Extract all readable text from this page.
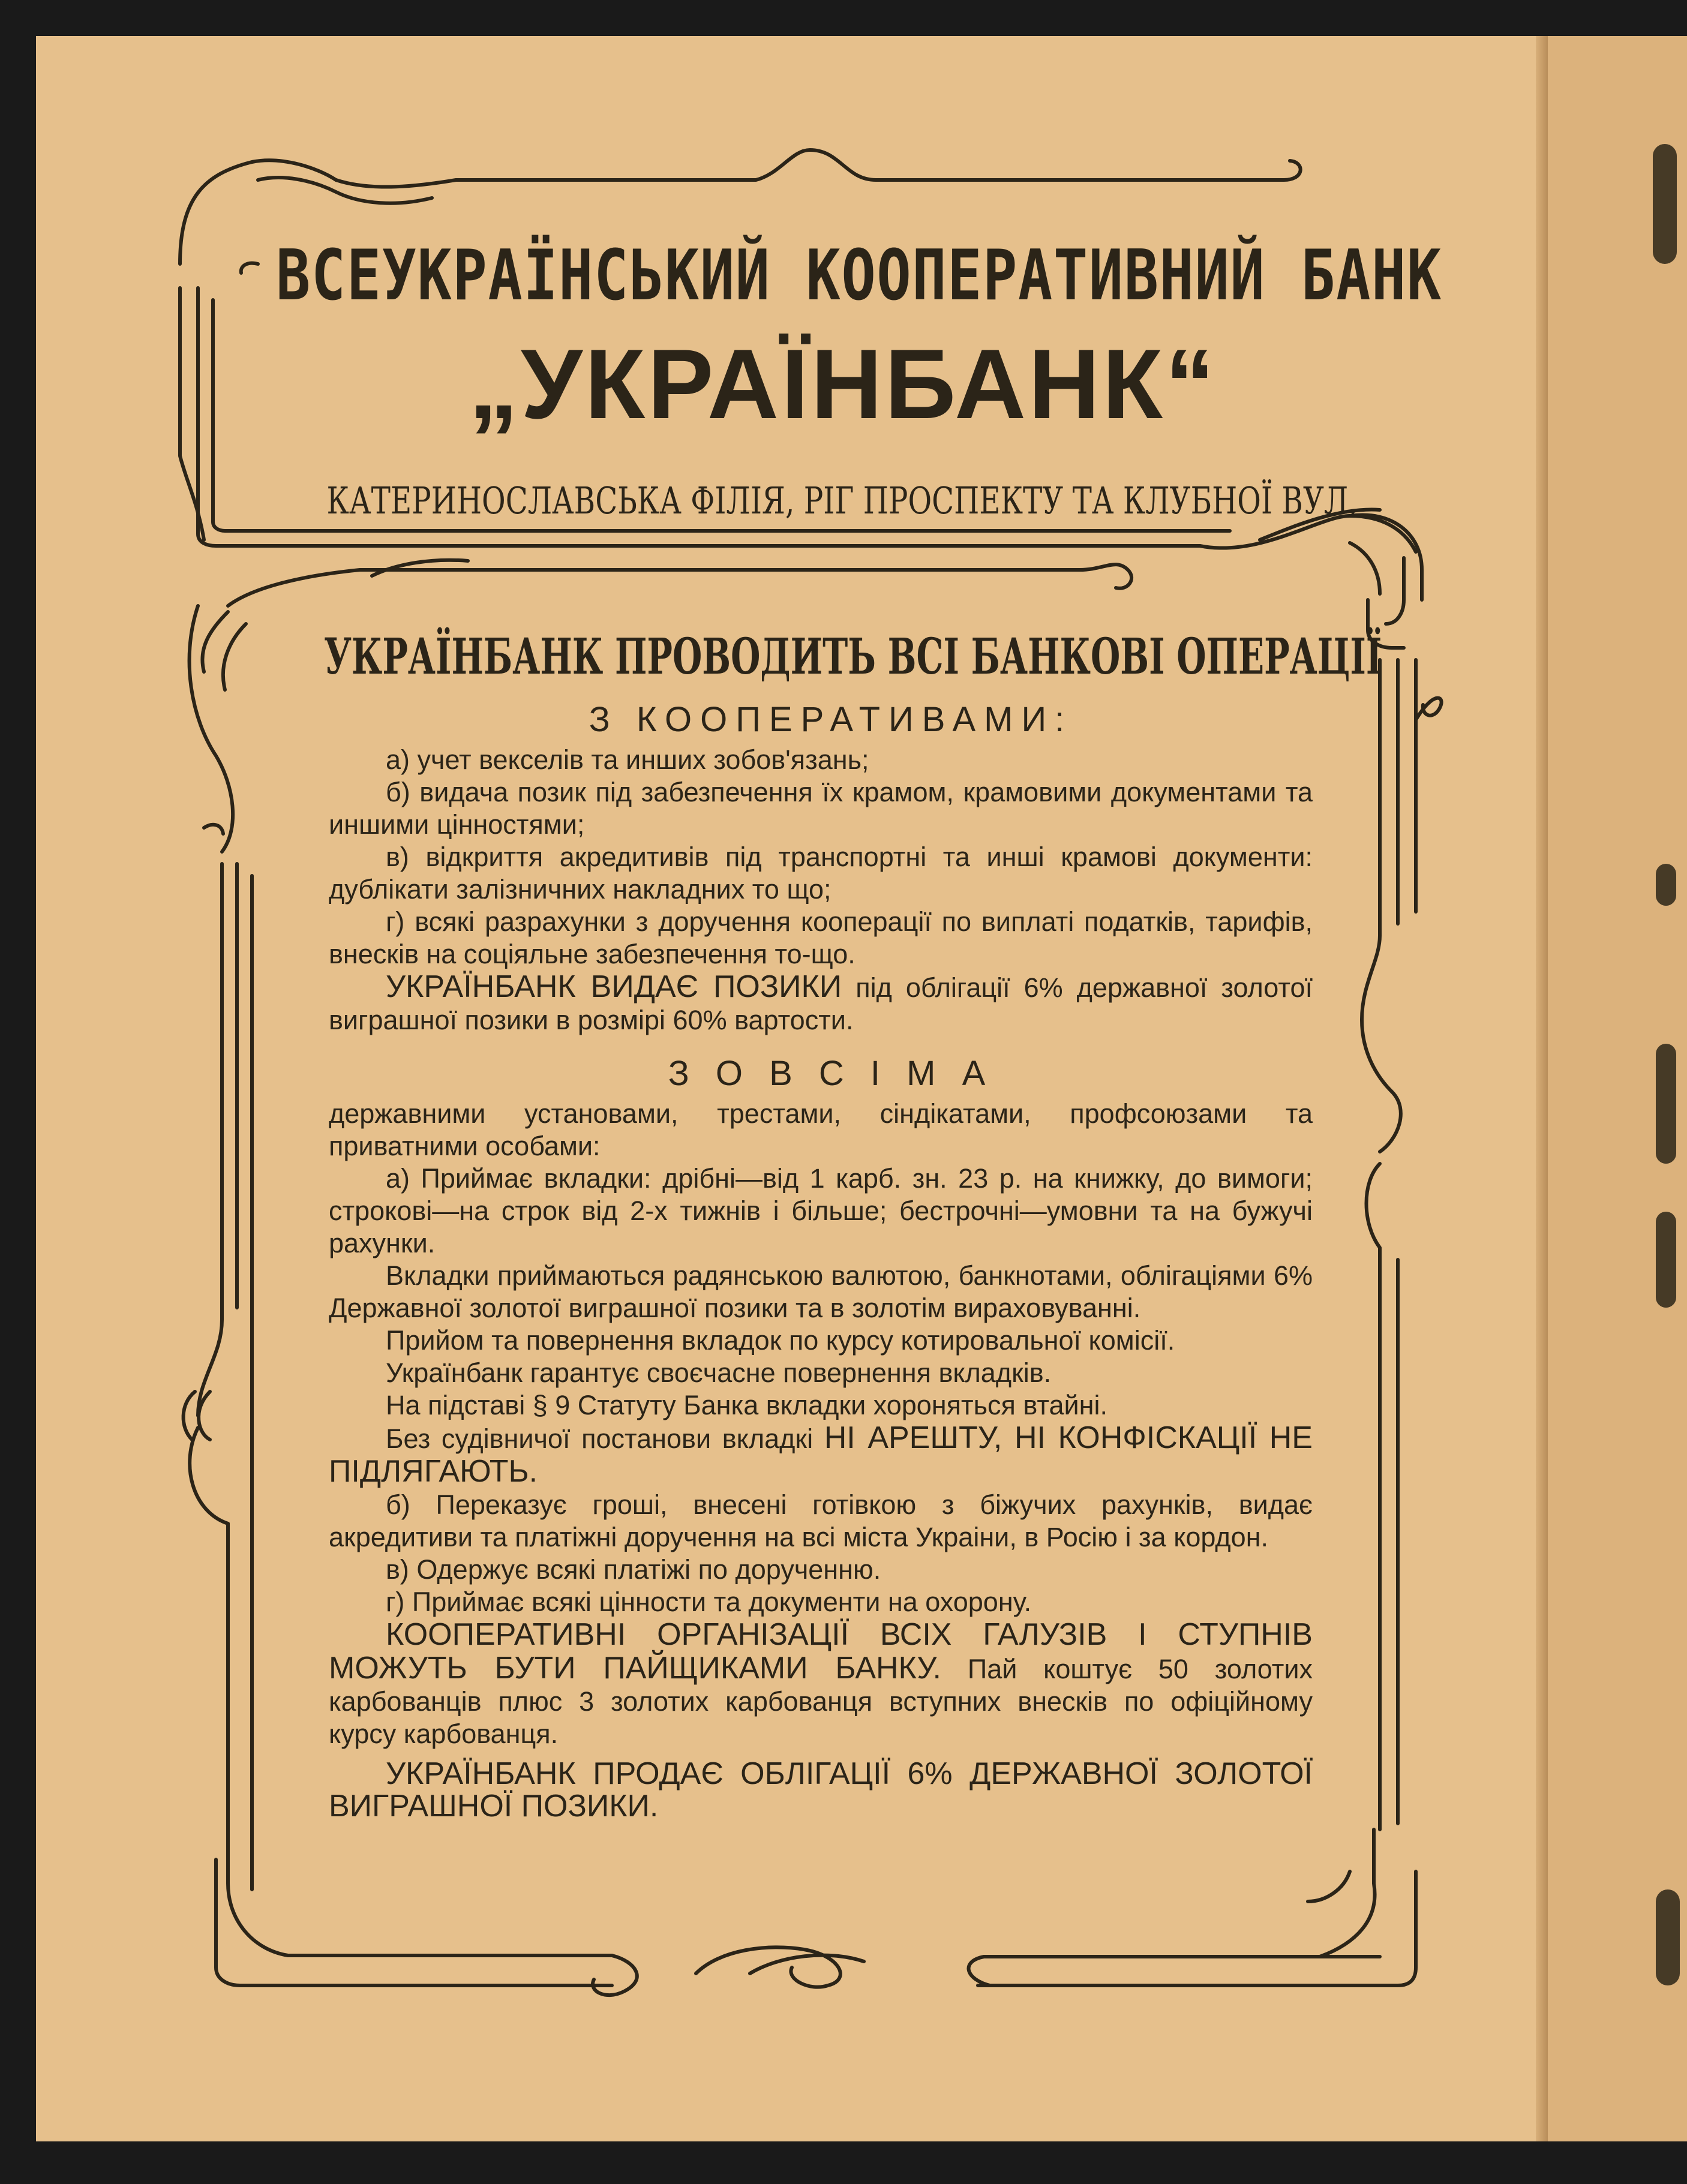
ВСЕУКРАЇНСЬКИЙ КООПЕРАТИВНИЙ БАНК
„УКРАЇНБАНК“
КАТЕРИНОСЛАВСЬКА ФІЛІЯ, РІГ ПРОСПЕКТУ ТА КЛУБНОЇ ВУЛ.
УКРАЇНБАНК ПРОВОДИТЬ ВСІ БАНКОВІ ОПЕРАЦІЇ
З КООПЕРАТИВАМИ:

а) учет векселів та инших зобов'язань;

б) видача позик під забезпечення їх крамом, крамовими документами та иншими цінностями;

в) відкриття акредитивів під транспортні та инші крамові документи: дублікати залізничних накладних то що;

г) всякі разрахунки з доручення кооперації по виплаті податків, тарифів, внесків на соціяльне забезпечення то-що.

УКРАЇНБАНК ВИДАЄ ПОЗИКИ під облігації 6% державної золотої виграшної позики в розмірі 60% вартости.

З О В С І М А

державними установами, трестами, сіндікатами, профсоюзами та приватними особами:

а) Приймає вкладки: дрібні—від 1 карб. зн. 23 р. на книжку, до вимоги; строкові—на строк від 2-х тижнів і більше; бестрочні—умовни та на бужучі рахунки.

Вкладки приймаються радянською валютою, банкнотами, облігаціями 6% Державної золотої виграшної позики та в золотім вираховуванні.

Прийом та повернення вкладок по курсу котировальної комісії.

Українбанк гарантує своєчасне повернення вкладків.

На підставі § 9 Статуту Банка вкладки хороняться втайні.

Без судівничої постанови вкладкі НІ АРЕШТУ, НІ КОНФІСКАЦІЇ НЕ ПІДЛЯГАЮТЬ.

б) Переказує гроші, внесені готівкою з біжучих рахунків, видає акредитиви та платіжні доручення на всі міста Украіни, в Росію і за кордон.

в) Одержує всякі платіжі по дорученню.

г) Приймає всякі цінности та документи на охорону.

КООПЕРАТИВНІ ОРГАНІЗАЦІЇ ВСІХ ГАЛУЗІВ І СТУПНІВ МОЖУТЬ БУТИ ПАЙЩИКАМИ БАНКУ. Пай коштує 50 золотих карбованців плюс 3 золотих карбованця вступних внесків по офіційному курсу карбованця.

УКРАЇНБАНК ПРОДАЄ ОБЛІГАЦІЇ 6% ДЕРЖАВНОЇ ЗОЛОТОЇ ВИГРАШНОЇ ПОЗИКИ.
